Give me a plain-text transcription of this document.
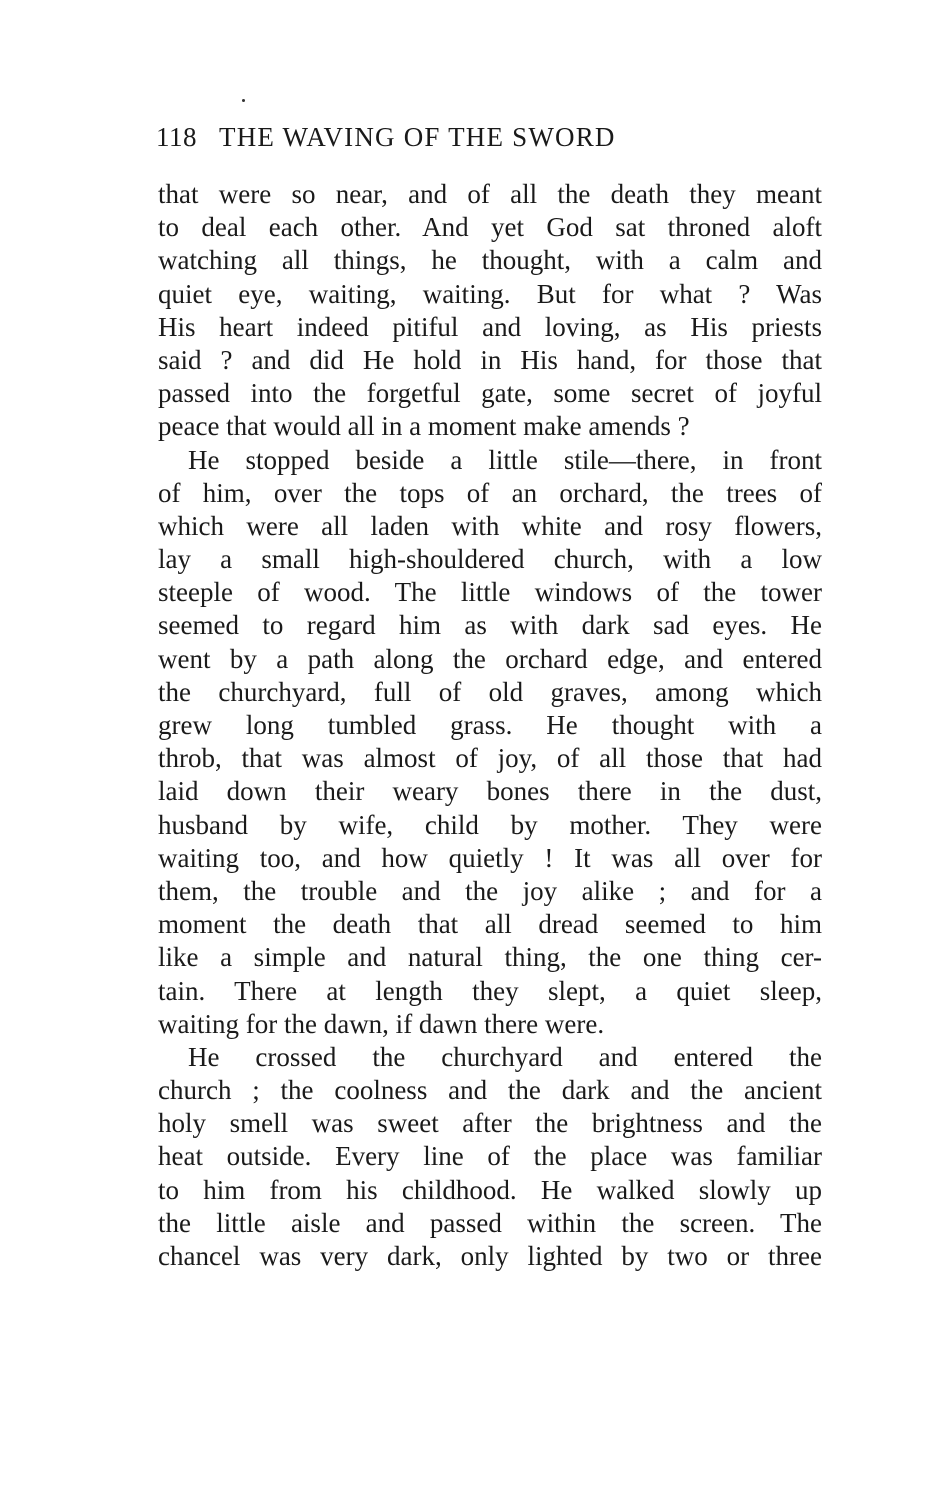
118 THE WAVING OF THE SWORD
that were so near, and of all the death they meant
to deal each other. And yet God sat throned aloft
watching all things, he thought, with a calm and
quiet eye, waiting, waiting. But for what ? Was
His heart indeed pitiful and loving, as His priests
said ? and did He hold in His hand, for those that
passed into the forgetful gate, some secret of joyful
peace that would all in a moment make amends ?
He stopped beside a little stile—there, in front
of him, over the tops of an orchard, the trees of
which were all laden with white and rosy flowers,
lay a small high-shouldered church, with a low
steeple of wood. The little windows of the tower
seemed to regard him as with dark sad eyes. He
went by a path along the orchard edge, and entered
the churchyard, full of old graves, among which
grew long tumbled grass. He thought with a
throb, that was almost of joy, of all those that had
laid down their weary bones there in the dust,
husband by wife, child by mother. They were
waiting too, and how quietly ! It was all over for
them, the trouble and the joy alike ; and for a
moment the death that all dread seemed to him
like a simple and natural thing, the one thing cer-
tain. There at length they slept, a quiet sleep,
waiting for the dawn, if dawn there were.
He crossed the churchyard and entered the
church ; the coolness and the dark and the ancient
holy smell was sweet after the brightness and the
heat outside. Every line of the place was familiar
to him from his childhood. He walked slowly up
the little aisle and passed within the screen. The
chancel was very dark, only lighted by two or three
